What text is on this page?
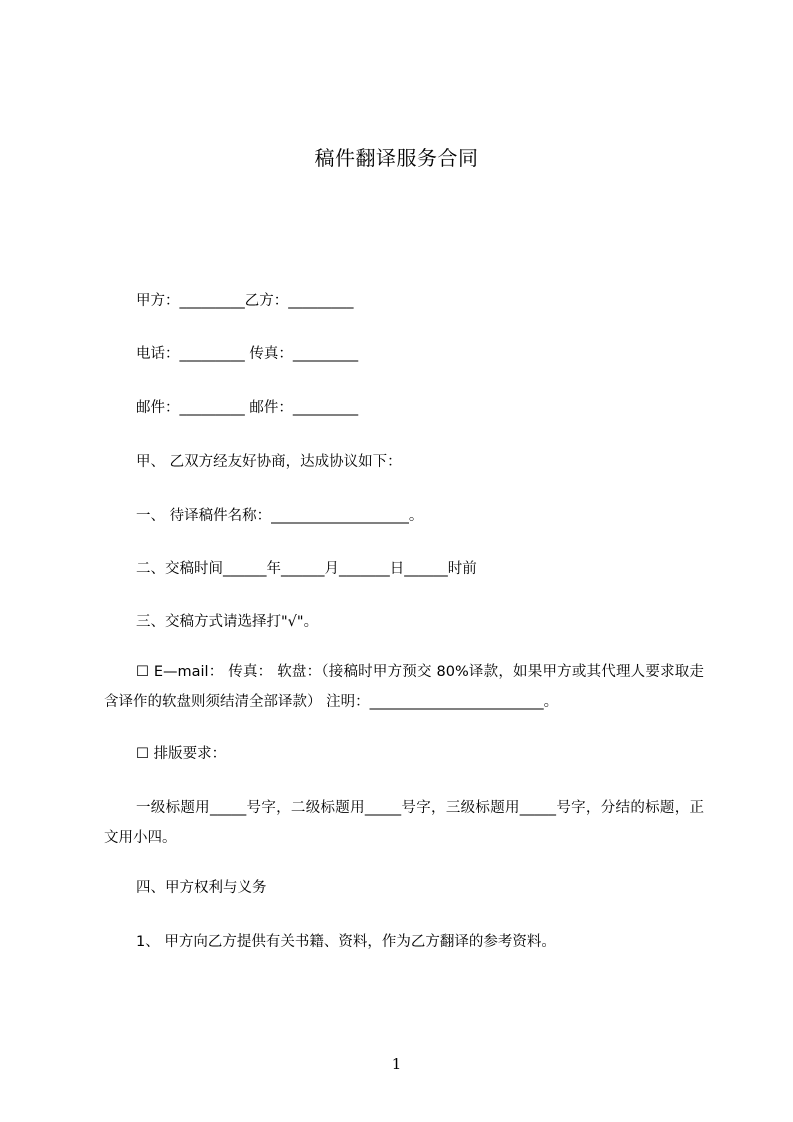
稿件翻译服务合同
甲方：_________乙方：_________
电话：_________ 传真：_________
邮件：_________ 邮件：_________
甲、 乙双方经友好协商，达成协议如下：
一、 待译稿件名称：___________________。
二、交稿时间______年______月_______日______时前
三、交稿方式请选择打"√"。
☐ E—mail： 传真： 软盘：（接稿时甲方预交 80%译款，如果甲方或其代理人要求取走含译作的软盘则须结清全部译款） 注明：________________________。
☐ 排版要求：
一级标题用_____号字，二级标题用_____号字，三级标题用_____号字，分结的标题，正文用小四。
四、甲方权利与义务
1、 甲方向乙方提供有关书籍、资料，作为乙方翻译的参考资料。
1
